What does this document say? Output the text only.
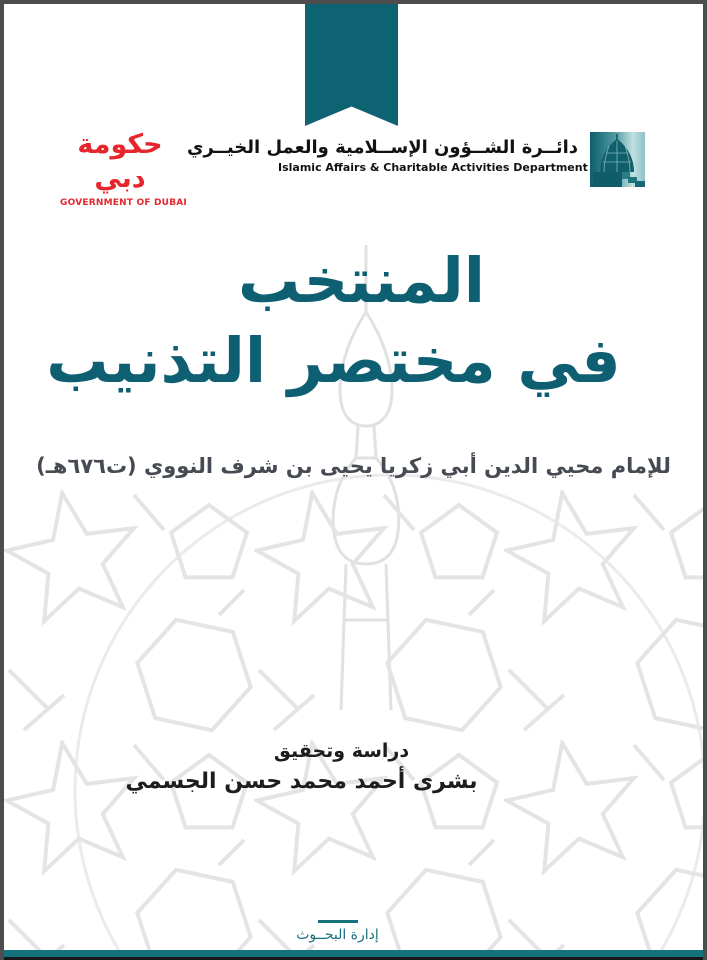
حكومة دبي
GOVERNMENT OF DUBAI
دائــرة الشــؤون الإســلامية والعمل الخيــري
Islamic Affairs & Charitable Activities Department
المنتخب
في مختصر التذنيب
للإمام محيي الدين أبي زكريا يحيى بن شرف النووي (ت٦٧٦هـ)
دراسة وتحقيق
بشرى أحمد محمد حسن الجسمي
إدارة البحــوث
